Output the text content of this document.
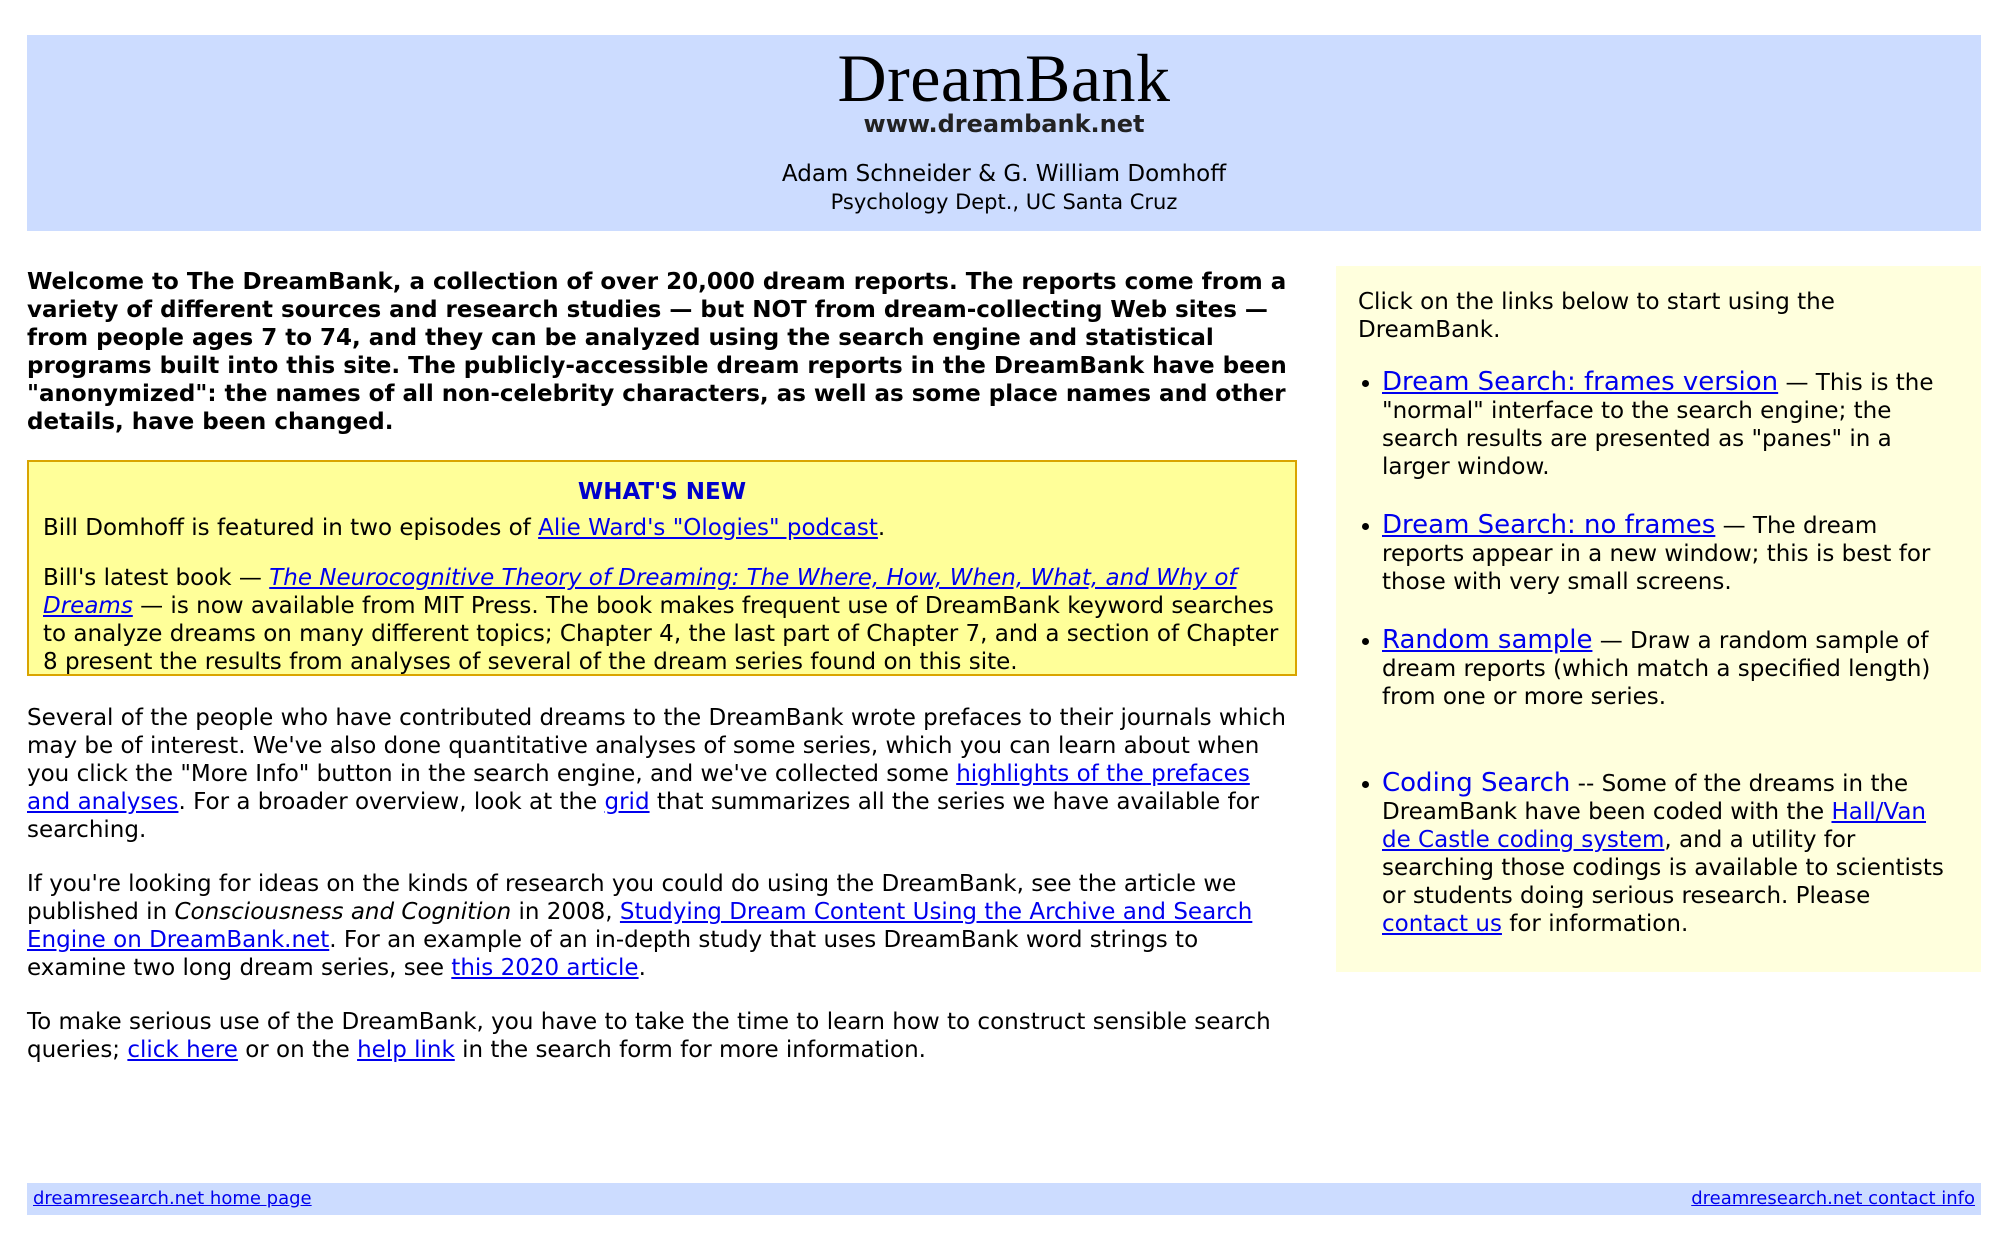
DreamBank
www.dreambank.net
Adam Schneider & G. William Domhoff
Psychology Dept., UC Santa Cruz

Welcome to The DreamBank, a collection of over 20,000 dream reports. The reports come from a variety of different sources and research studies — but NOT from dream-collecting Web sites — from people ages 7 to 74, and they can be analyzed using the search engine and statistical programs built into this site. The publicly-accessible dream reports in the DreamBank have been "anonymized": the names of all non-celebrity characters, as well as some place names and other details, have been changed.

WHAT'S NEW

Bill Domhoff is featured in two episodes of Alie Ward's "Ologies" podcast.

Bill's latest book — The Neurocognitive Theory of Dreaming: The Where, How, When, What, and Why of Dreams — is now available from MIT Press. The book makes frequent use of DreamBank keyword searches to analyze dreams on many different topics; Chapter 4, the last part of Chapter 7, and a section of Chapter 8 present the results from analyses of several of the dream series found on this site.

Several of the people who have contributed dreams to the DreamBank wrote prefaces to their journals which may be of interest. We've also done quantitative analyses of some series, which you can learn about when you click the "More Info" button in the search engine, and we've collected some highlights of the prefaces and analyses. For a broader overview, look at the grid that summarizes all the series we have available for searching.

If you're looking for ideas on the kinds of research you could do using the DreamBank, see the article we published in Consciousness and Cognition in 2008, Studying Dream Content Using the Archive and Search Engine on DreamBank.net. For an example of an in-depth study that uses DreamBank word strings to examine two long dream series, see this 2020 article.

To make serious use of the DreamBank, you have to take the time to learn how to construct sensible search queries; click here or on the help link in the search form for more information.

Click on the links below to start using the DreamBank.

• Dream Search: frames version — This is the "normal" interface to the search engine; the search results are presented as "panes" in a larger window.
• Dream Search: no frames — The dream reports appear in a new window; this is best for those with very small screens.
• Random sample — Draw a random sample of dream reports (which match a specified length) from one or more series.
• Coding Search -- Some of the dreams in the DreamBank have been coded with the Hall/Van de Castle coding system, and a utility for searching those codings is available to scientists or students doing serious research. Please contact us for information.
dreamresearch.net home page	dreamresearch.net contact info
